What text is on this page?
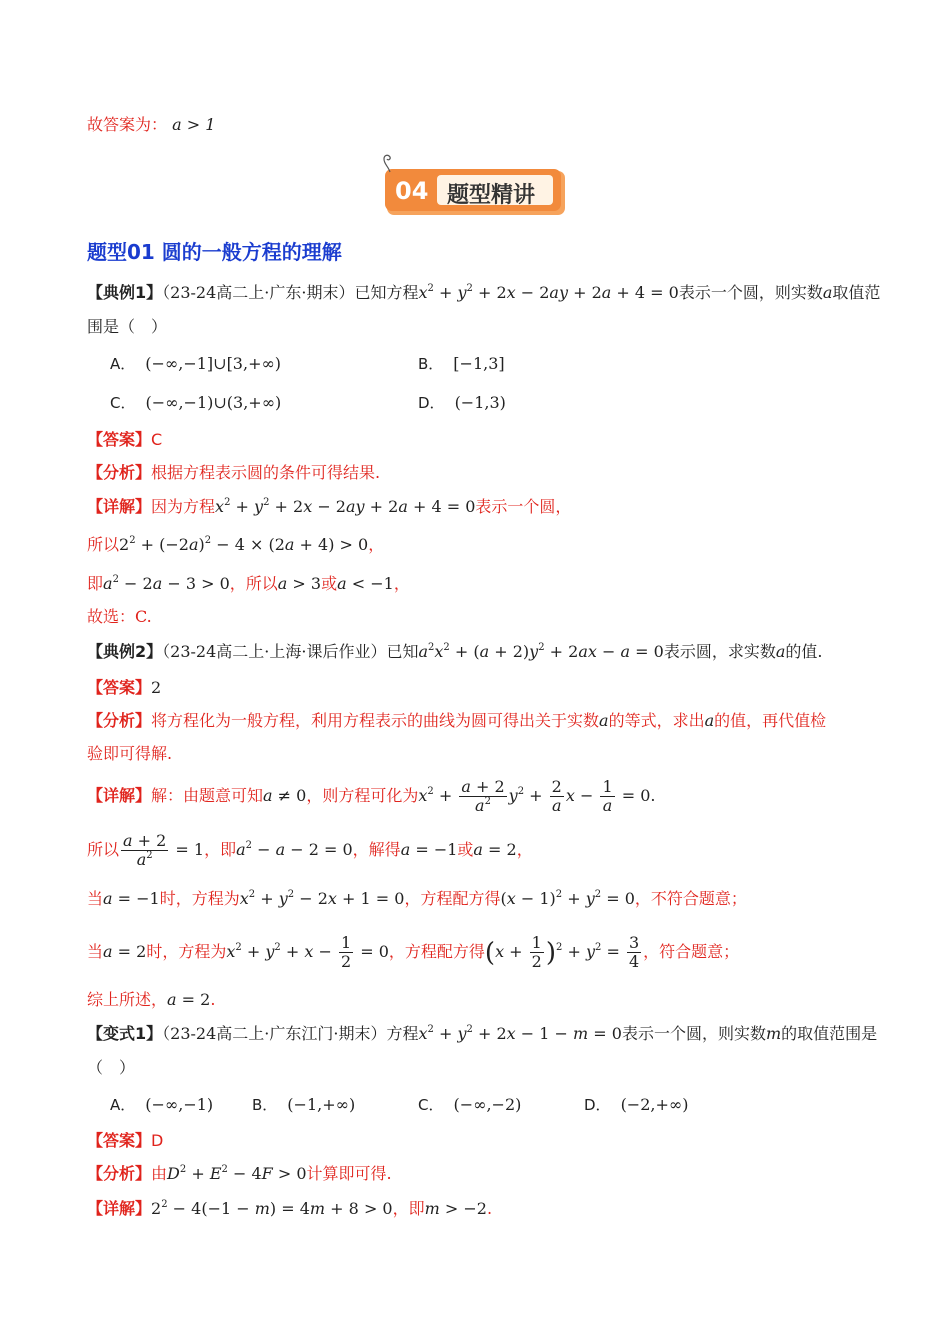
故答案为： a > 1
04 题型精讲
题型01 圆的一般方程的理解
【典例1】（23-24高二上·广东·期末）已知方程$x^2 + y^2 + 2x - 2ay + 2a + 4 = 0$表示一个圆，则实数a取值范
围是（　）
A． (−∞,−1]∪[3,+∞)	B． [−1,3]
C． (−∞,−1)∪(3,+∞)	D． (−1,3)
【答案】C
【分析】根据方程表示圆的条件可得结果.
【详解】因为方程$x^2 + y^2 + 2x - 2ay + 2a + 4 = 0$表示一个圆，
所以$2^2 + (-2a)^2 - 4 \times (2a + 4) > 0$，
即$a^2 - 2a - 3 > 0$，所以a > 3或a < −1，
故选：C.
【典例2】（23-24高二上·上海·课后作业）已知$a^2x^2 + (a + 2)y^2 + 2ax - a = 0$表示圆，求实数a的值.
【答案】2
【分析】将方程化为一般方程，利用方程表示的曲线为圆可得出关于实数a的等式，求出a的值，再代值检
验即可得解.
【详解】解：由题意可知a ≠ 0，则方程可化为$x^2 + \frac{a + 2}{a^2} y^2 + \frac{2}{a}$ $x - \frac{1}{a} = 0$.
所以 $\frac{a + 2}{a^2} = 1$，即$a^2 - a - 2 = 0$，解得a = −1或a = 2，
当a = −1时，方程为$x^2 + y^2 - 2x + 1 = 0$，方程配方得$(x - 1)^2 + y^2 = 0$，不符合题意；
当a = 2时，方程为$x^2 + y^2 + x - \frac{1}{2} = 0$，方程配方得$(x + \frac{1}{2} )^2 + y^2 = \frac{3}{4}$ ，符合题意；
综上所述，a = 2.
【变式1】（23-24高二上·广东江门·期末）方程$x^2 + y^2 + 2x - 1 - m = 0$表示一个圆，则实数m的取值范围是
（　）
A． (−∞,−1)	B． (−1,+∞)	C． (−∞,−2)	D． (−2,+∞)
【答案】D
【分析】由$D^2 + E^2 - 4F > 0$计算即可得.
【详解】$2^2 - 4(-1 - m) = 4m + 8 > 0$，即m > −2.
